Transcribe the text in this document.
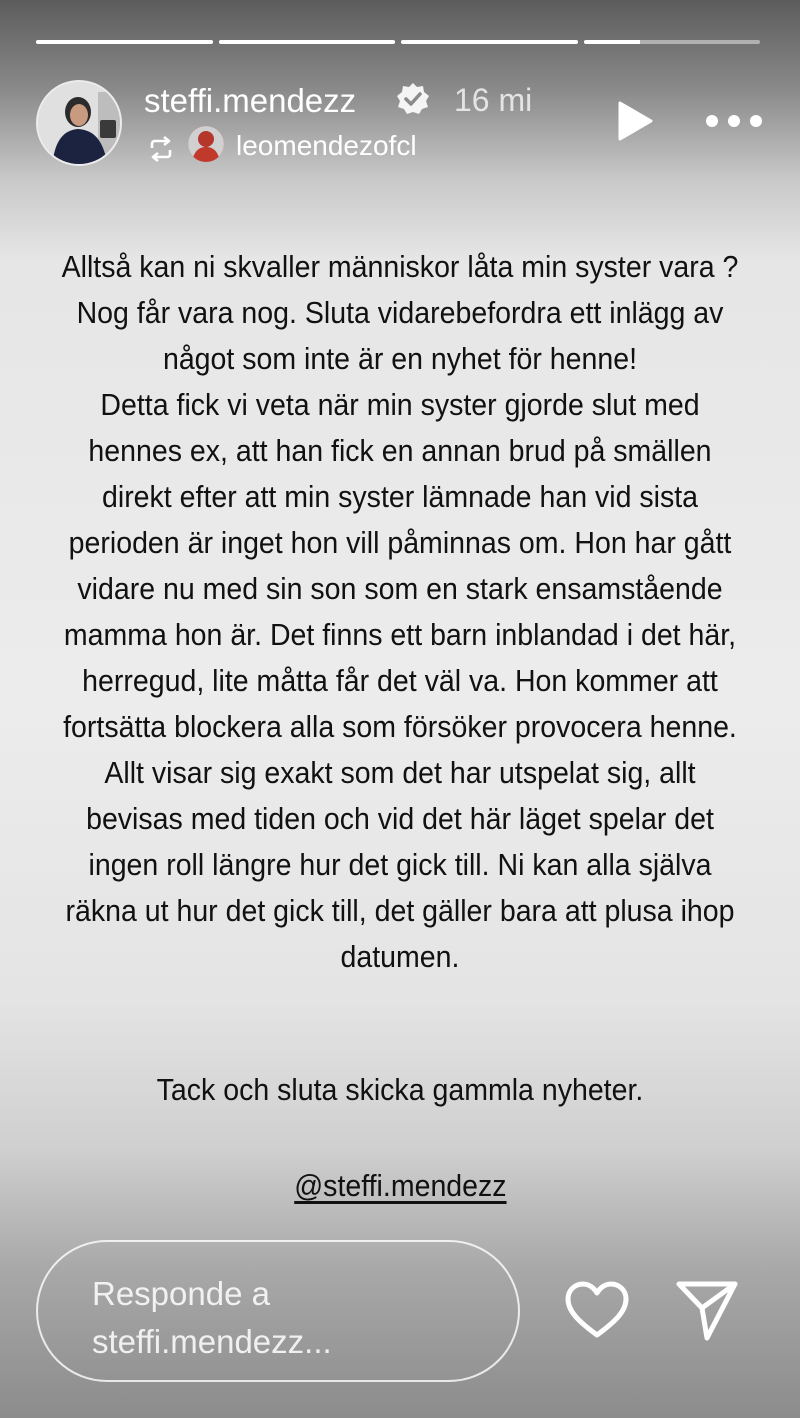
steffi.mendezz	16 mi
leomendezofcl

Alltså kan ni skvaller människor låta min syster vara ? Nog får vara nog. Sluta vidarebefordra ett inlägg av något som inte är en nyhet för henne!

Detta fick vi veta när min syster gjorde slut med hennes ex, att han fick en annan brud på smällen direkt efter att min syster lämnade han vid sista perioden är inget hon vill påminnas om. Hon har gått vidare nu med sin son som en stark ensamstående mamma hon är. Det finns ett barn inblandad i det här, herregud, lite måtta får det väl va. Hon kommer att fortsätta blockera alla som försöker provocera henne. Allt visar sig exakt som det har utspelat sig, allt bevisas med tiden och vid det här läget spelar det ingen roll längre hur det gick till. Ni kan alla själva räkna ut hur det gick till, det gäller bara att plusa ihop datumen.

Tack och sluta skicka gammla nyheter.
@steffi.mendezz
Responde a
steffi.mendezz...
